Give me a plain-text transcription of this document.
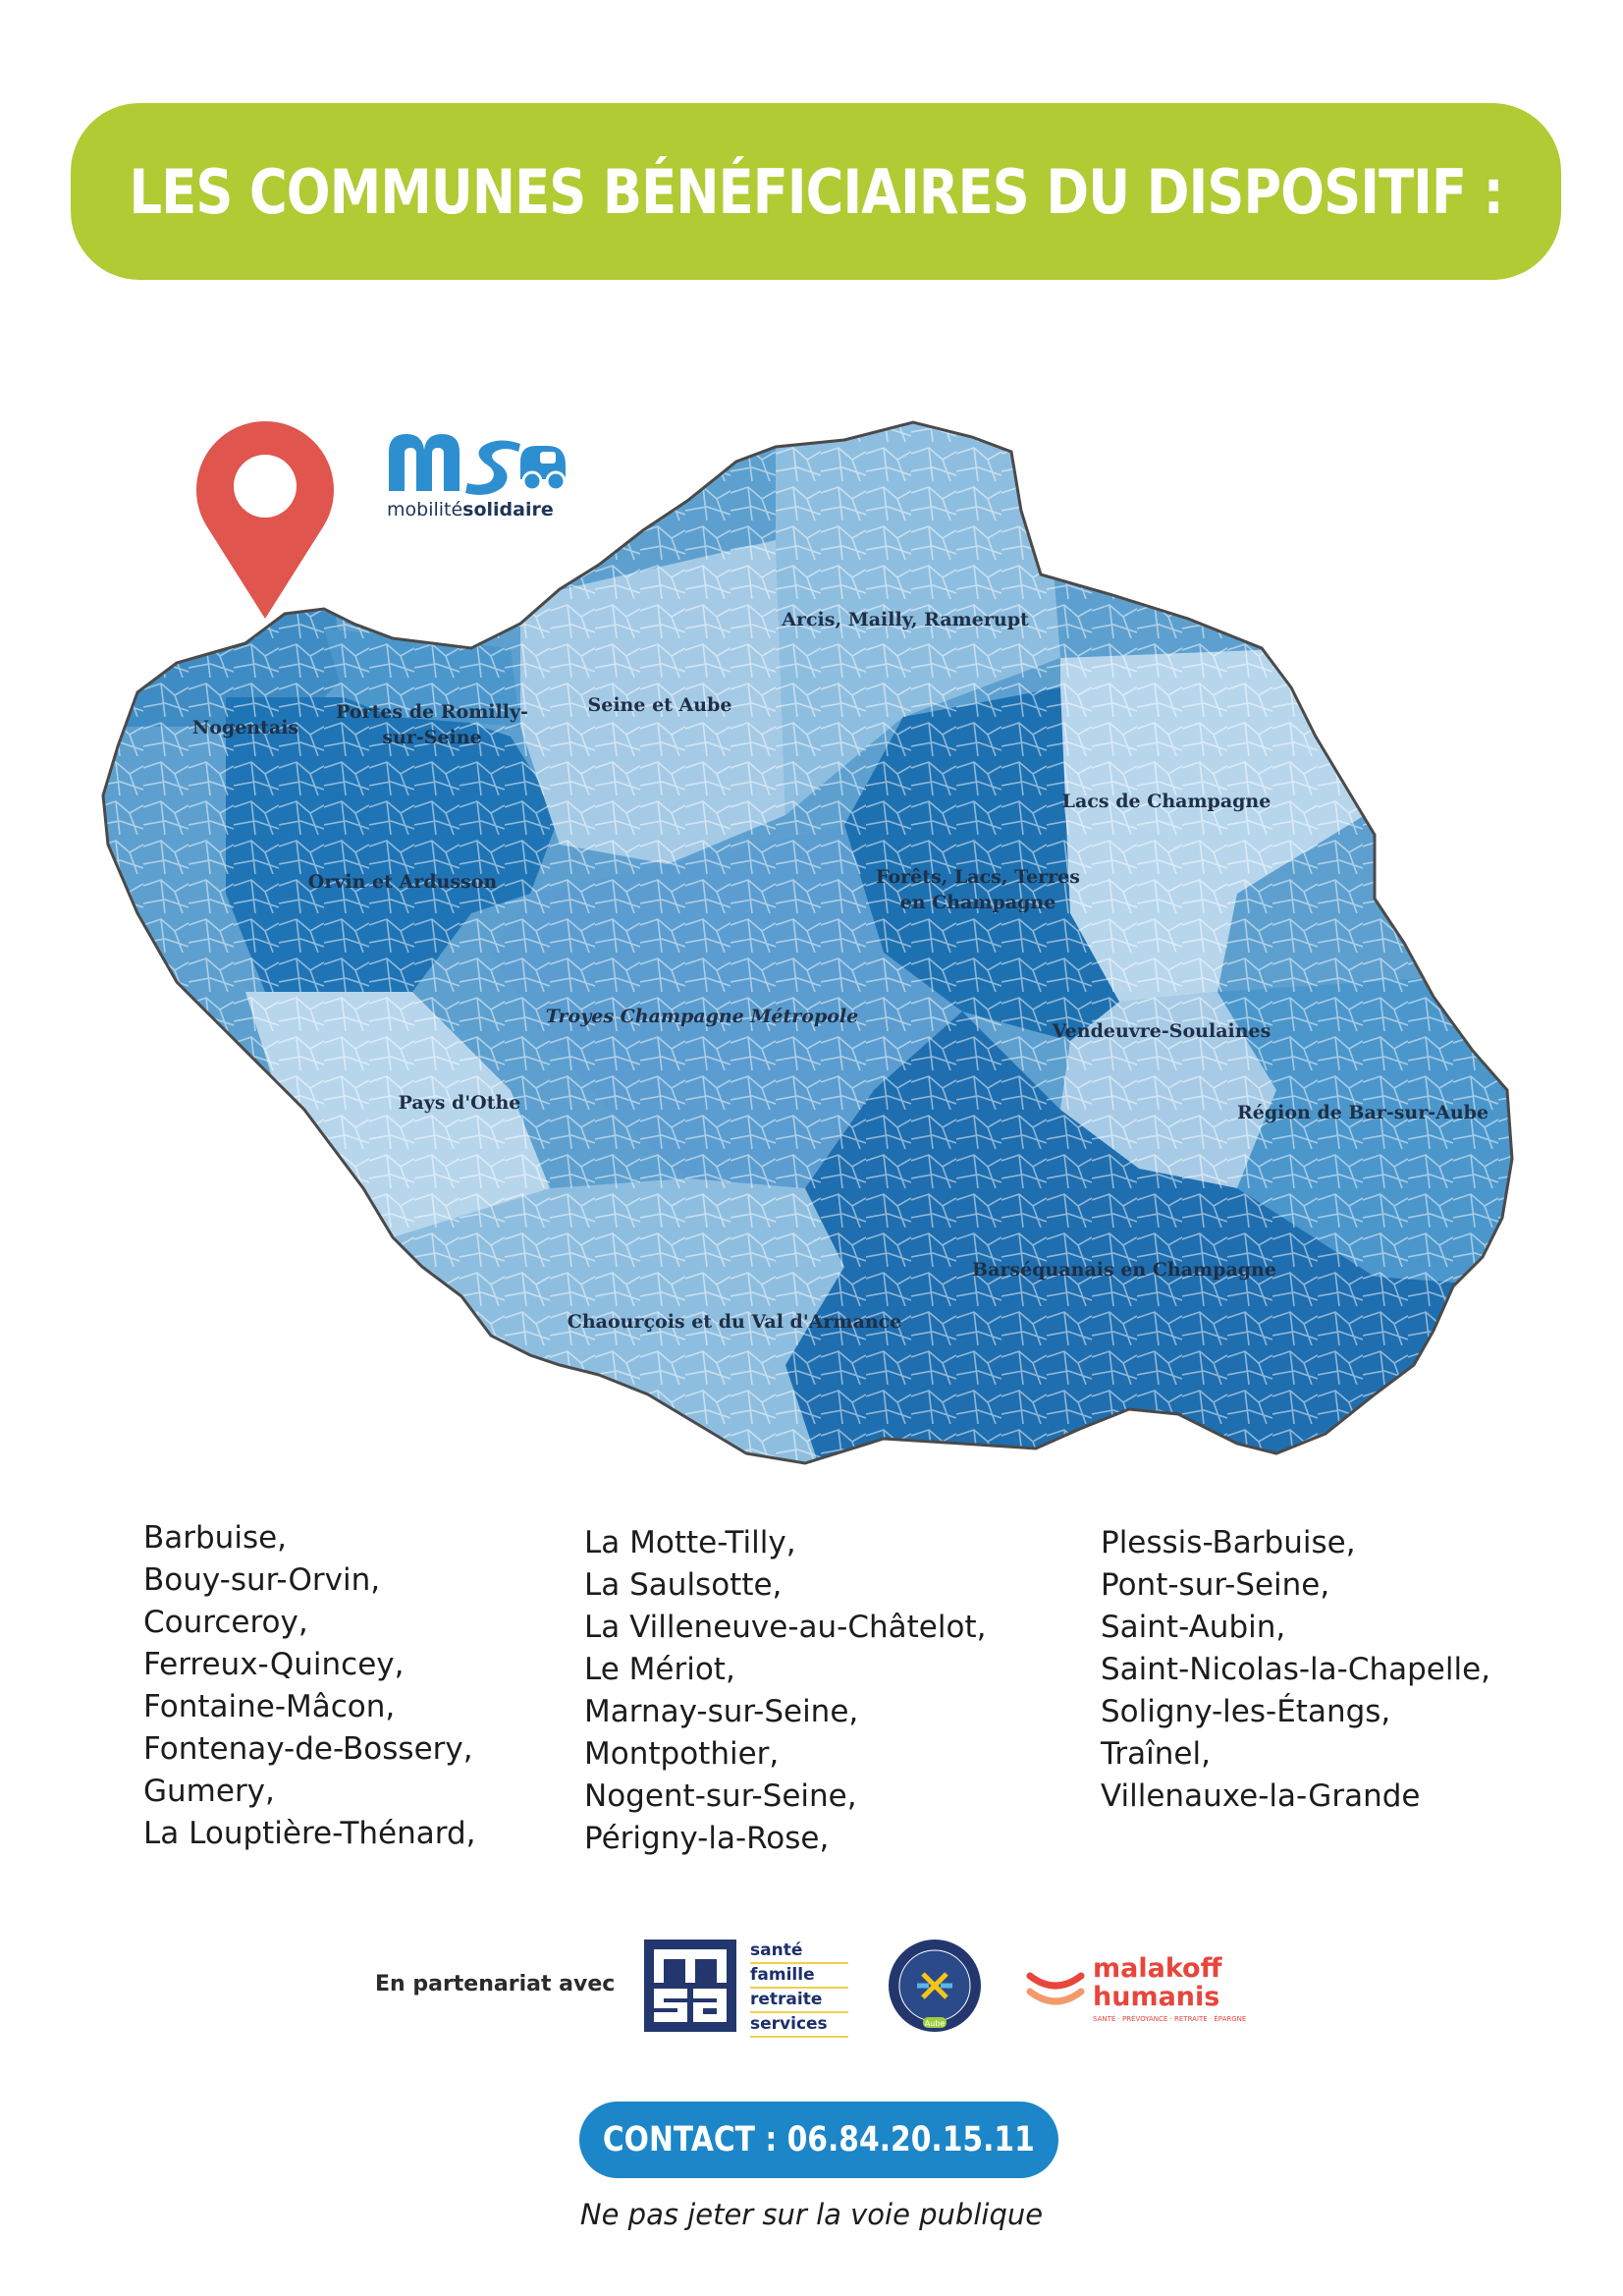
LES COMMUNES BÉNÉFICIAIRES DU DISPOSITIF :
mobilitésolidaire
Nogentais
Portes de Romilly-
sur-Seine
Seine et Aube
Arcis, Mailly, Ramerupt
Lacs de Champagne
Orvin et Ardusson	Forêts, Lacs, Terres
en Champagne
Troyes Champagne Métropole
Vendeuvre-Soulaines
Pays d'Othe	Région de Bar-sur-Aube
Barséquanais en Champagne
Chaourçois et du Val d'Armance
Barbuise,
Bouy-sur-Orvin,
Courceroy,
Ferreux-Quincey,
Fontaine-Mâcon,
Fontenay-de-Bossery,
Gumery,
La Louptière-Thénard,
La Motte-Tilly,
La Saulsotte,
La Villeneuve-au-Châtelot,
Le Mériot,
Marnay-sur-Seine,
Montpothier,
Nogent-sur-Seine,
Périgny-la-Rose,
Plessis-Barbuise,
Pont-sur-Seine,
Saint-Aubin,
Saint-Nicolas-la-Chapelle,
Soligny-les-Étangs,
Traînel,
Villenauxe-la-Grande
En partenariat avec
santé
famille
retraite
services	Aube
malakoff
humanis
SANTÉ · PRÉVOYANCE · RETRAITE · ÉPARGNE
CONTACT : 06.84.20.15.11
Ne pas jeter sur la voie publique
